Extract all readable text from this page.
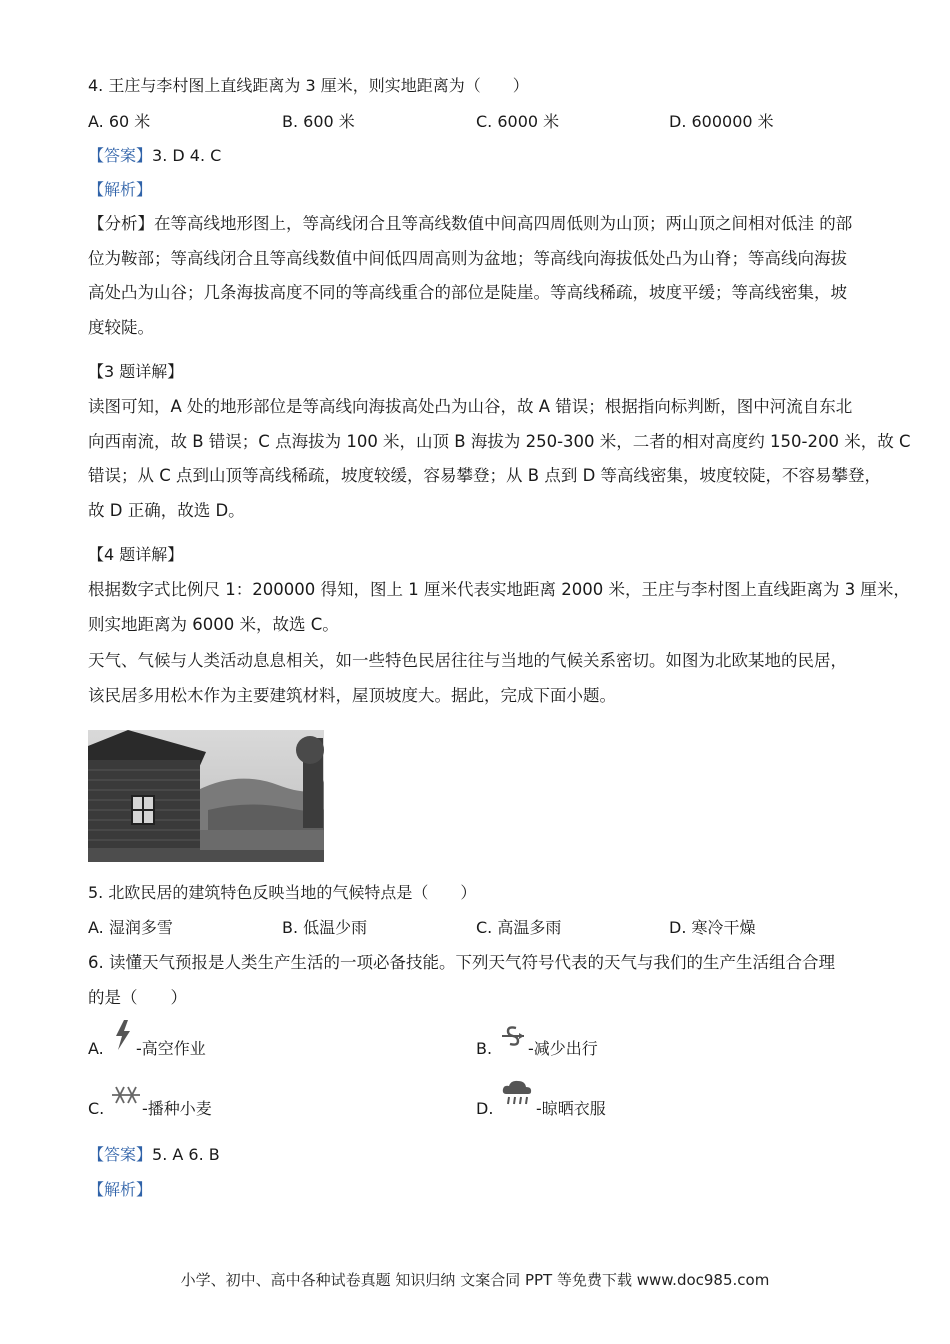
4. 王庄与李村图上直线距离为 3 厘米，则实地距离为（　　）
A. 60 米	B. 600 米	C. 6000 米	D. 600000 米
【答案】3. D 4. C
【解析】
【分析】在等高线地形图上，等高线闭合且等高线数值中间高四周低则为山顶；两山顶之间相对低洼 的部
位为鞍部；等高线闭合且等高线数值中间低四周高则为盆地；等高线向海拔低处凸为山脊；等高线向海拔
高处凸为山谷；几条海拔高度不同的等高线重合的部位是陡崖。等高线稀疏，坡度平缓；等高线密集，坡
度较陡。
【3 题详解】
读图可知，A 处的地形部位是等高线向海拔高处凸为山谷，故 A 错误；根据指向标判断，图中河流自东北
向西南流，故 B 错误；C 点海拔为 100 米，山顶 B 海拔为 250-300 米，二者的相对高度约 150-200 米，故 C
错误；从 C 点到山顶等高线稀疏，坡度较缓，容易攀登；从 B 点到 D 等高线密集，坡度较陡，不容易攀登，
故 D 正确，故选 D。
【4 题详解】
根据数字式比例尺 1：200000 得知，图上 1 厘米代表实地距离 2000 米，王庄与李村图上直线距离为 3 厘米，
则实地距离为 6000 米，故选 C。
天气、气候与人类活动息息相关，如一些特色民居往往与当地的气候关系密切。如图为北欧某地的民居，
该民居多用松木作为主要建筑材料，屋顶坡度大。据此，完成下面小题。
5. 北欧民居的建筑特色反映当地的气候特点是（　　）
A. 湿润多雪	B. 低温少雨	C. 高温多雨	D. 寒冷干燥
6. 读懂天气预报是人类生产生活的一项必备技能。下列天气符号代表的天气与我们的生产生活组合合理
的是（　　）
A. -高空作业	B. -减少出行
C. -播种小麦	D.	-晾晒衣服
【答案】5. A 6. B
【解析】
小学、初中、高中各种试卷真题 知识归纳 文案合同 PPT 等免费下载 www.doc985.com
